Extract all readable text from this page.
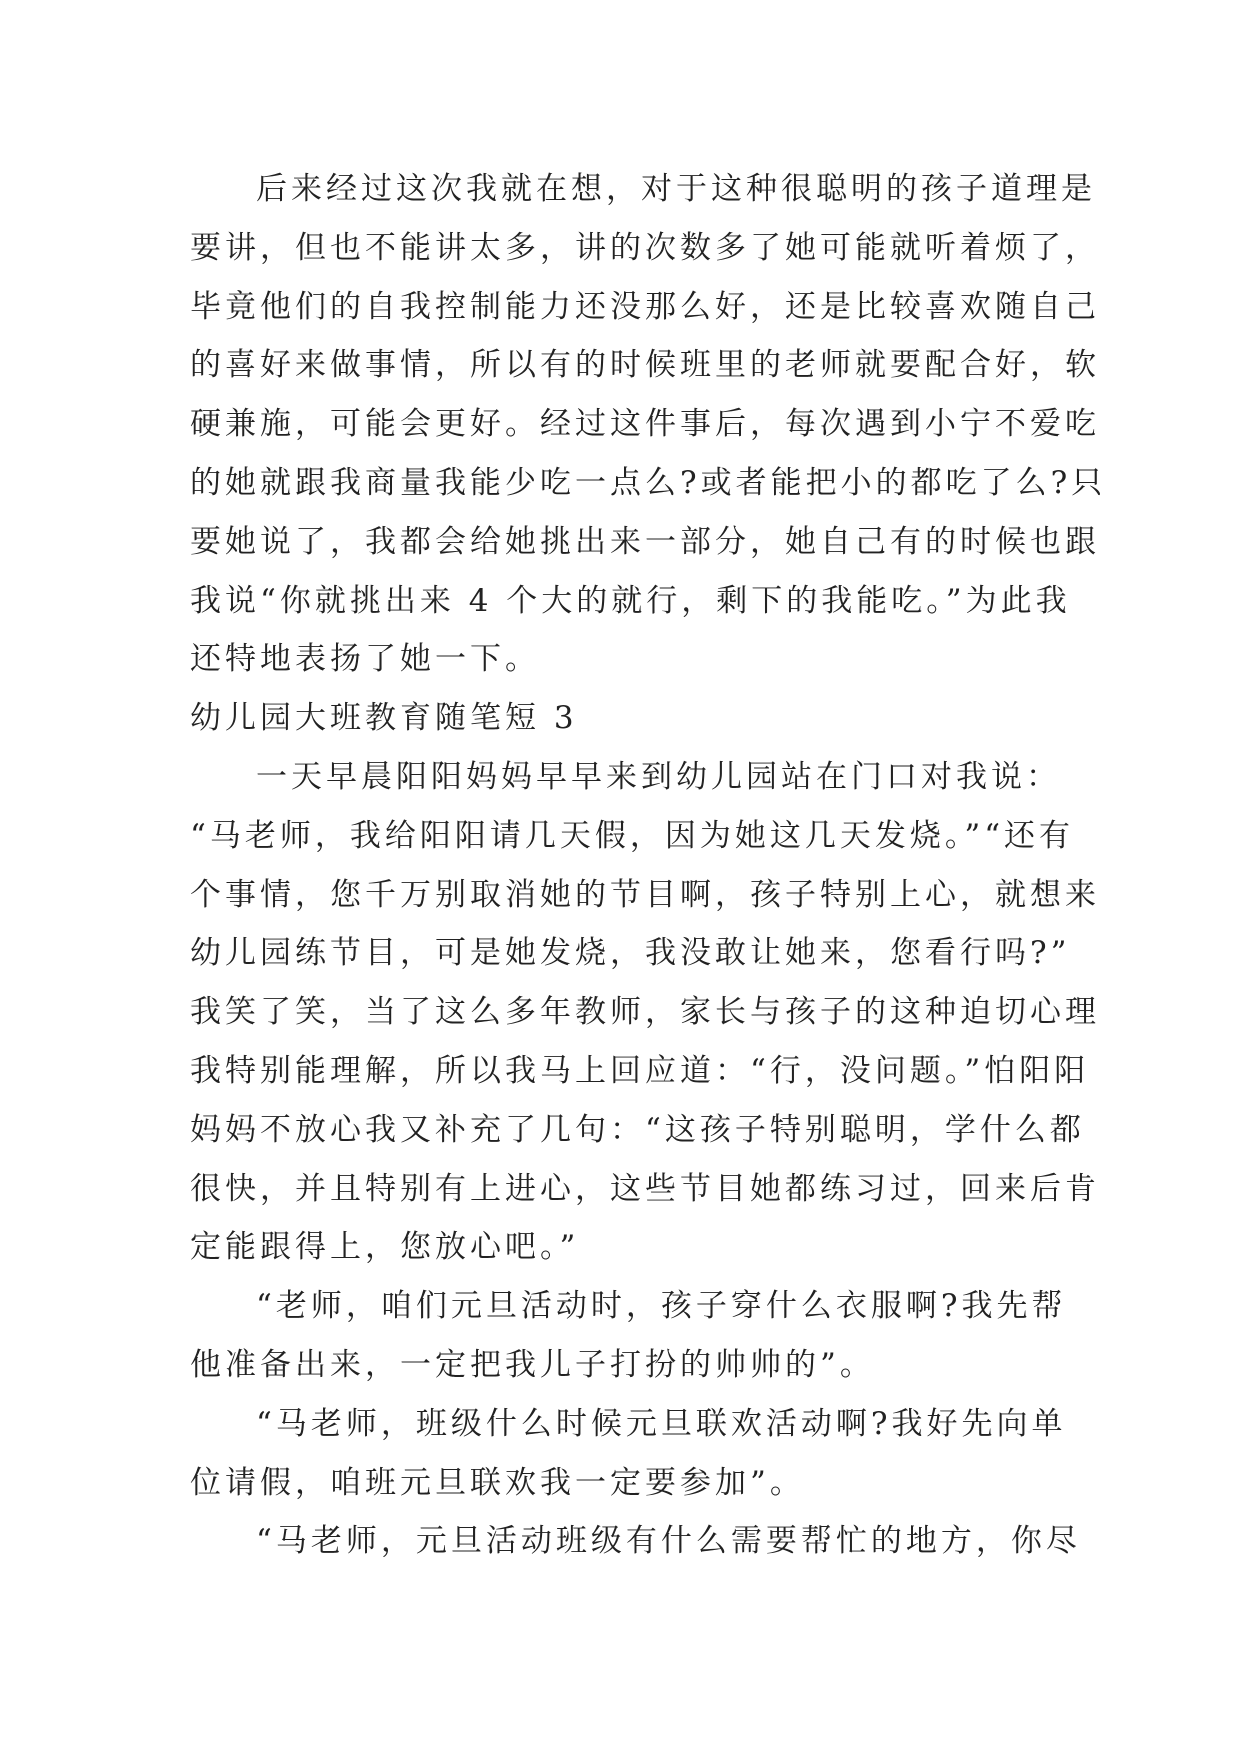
后来经过这次我就在想，对于这种很聪明的孩子道理是
要讲，但也不能讲太多，讲的次数多了她可能就听着烦了，
毕竟他们的自我控制能力还没那么好，还是比较喜欢随自己
的喜好来做事情，所以有的时候班里的老师就要配合好，软
硬兼施，可能会更好。经过这件事后，每次遇到小宁不爱吃
的她就跟我商量我能少吃一点么?或者能把小的都吃了么?只
要她说了，我都会给她挑出来一部分，她自己有的时候也跟
我说“你就挑出来 4 个大的就行，剩下的我能吃。”为此我
还特地表扬了她一下。
幼儿园大班教育随笔短 3
一天早晨阳阳妈妈早早来到幼儿园站在门口对我说：
“马老师，我给阳阳请几天假，因为她这几天发烧。”“还有
个事情，您千万别取消她的节目啊，孩子特别上心，就想来
幼儿园练节目，可是她发烧，我没敢让她来，您看行吗?”
我笑了笑，当了这么多年教师，家长与孩子的这种迫切心理
我特别能理解，所以我马上回应道：“行，没问题。”怕阳阳
妈妈不放心我又补充了几句：“这孩子特别聪明，学什么都
很快，并且特别有上进心，这些节目她都练习过，回来后肯
定能跟得上，您放心吧。”
“老师，咱们元旦活动时，孩子穿什么衣服啊?我先帮
他准备出来，一定把我儿子打扮的帅帅的”。
“马老师，班级什么时候元旦联欢活动啊?我好先向单
位请假，咱班元旦联欢我一定要参加”。
“马老师，元旦活动班级有什么需要帮忙的地方，你尽
